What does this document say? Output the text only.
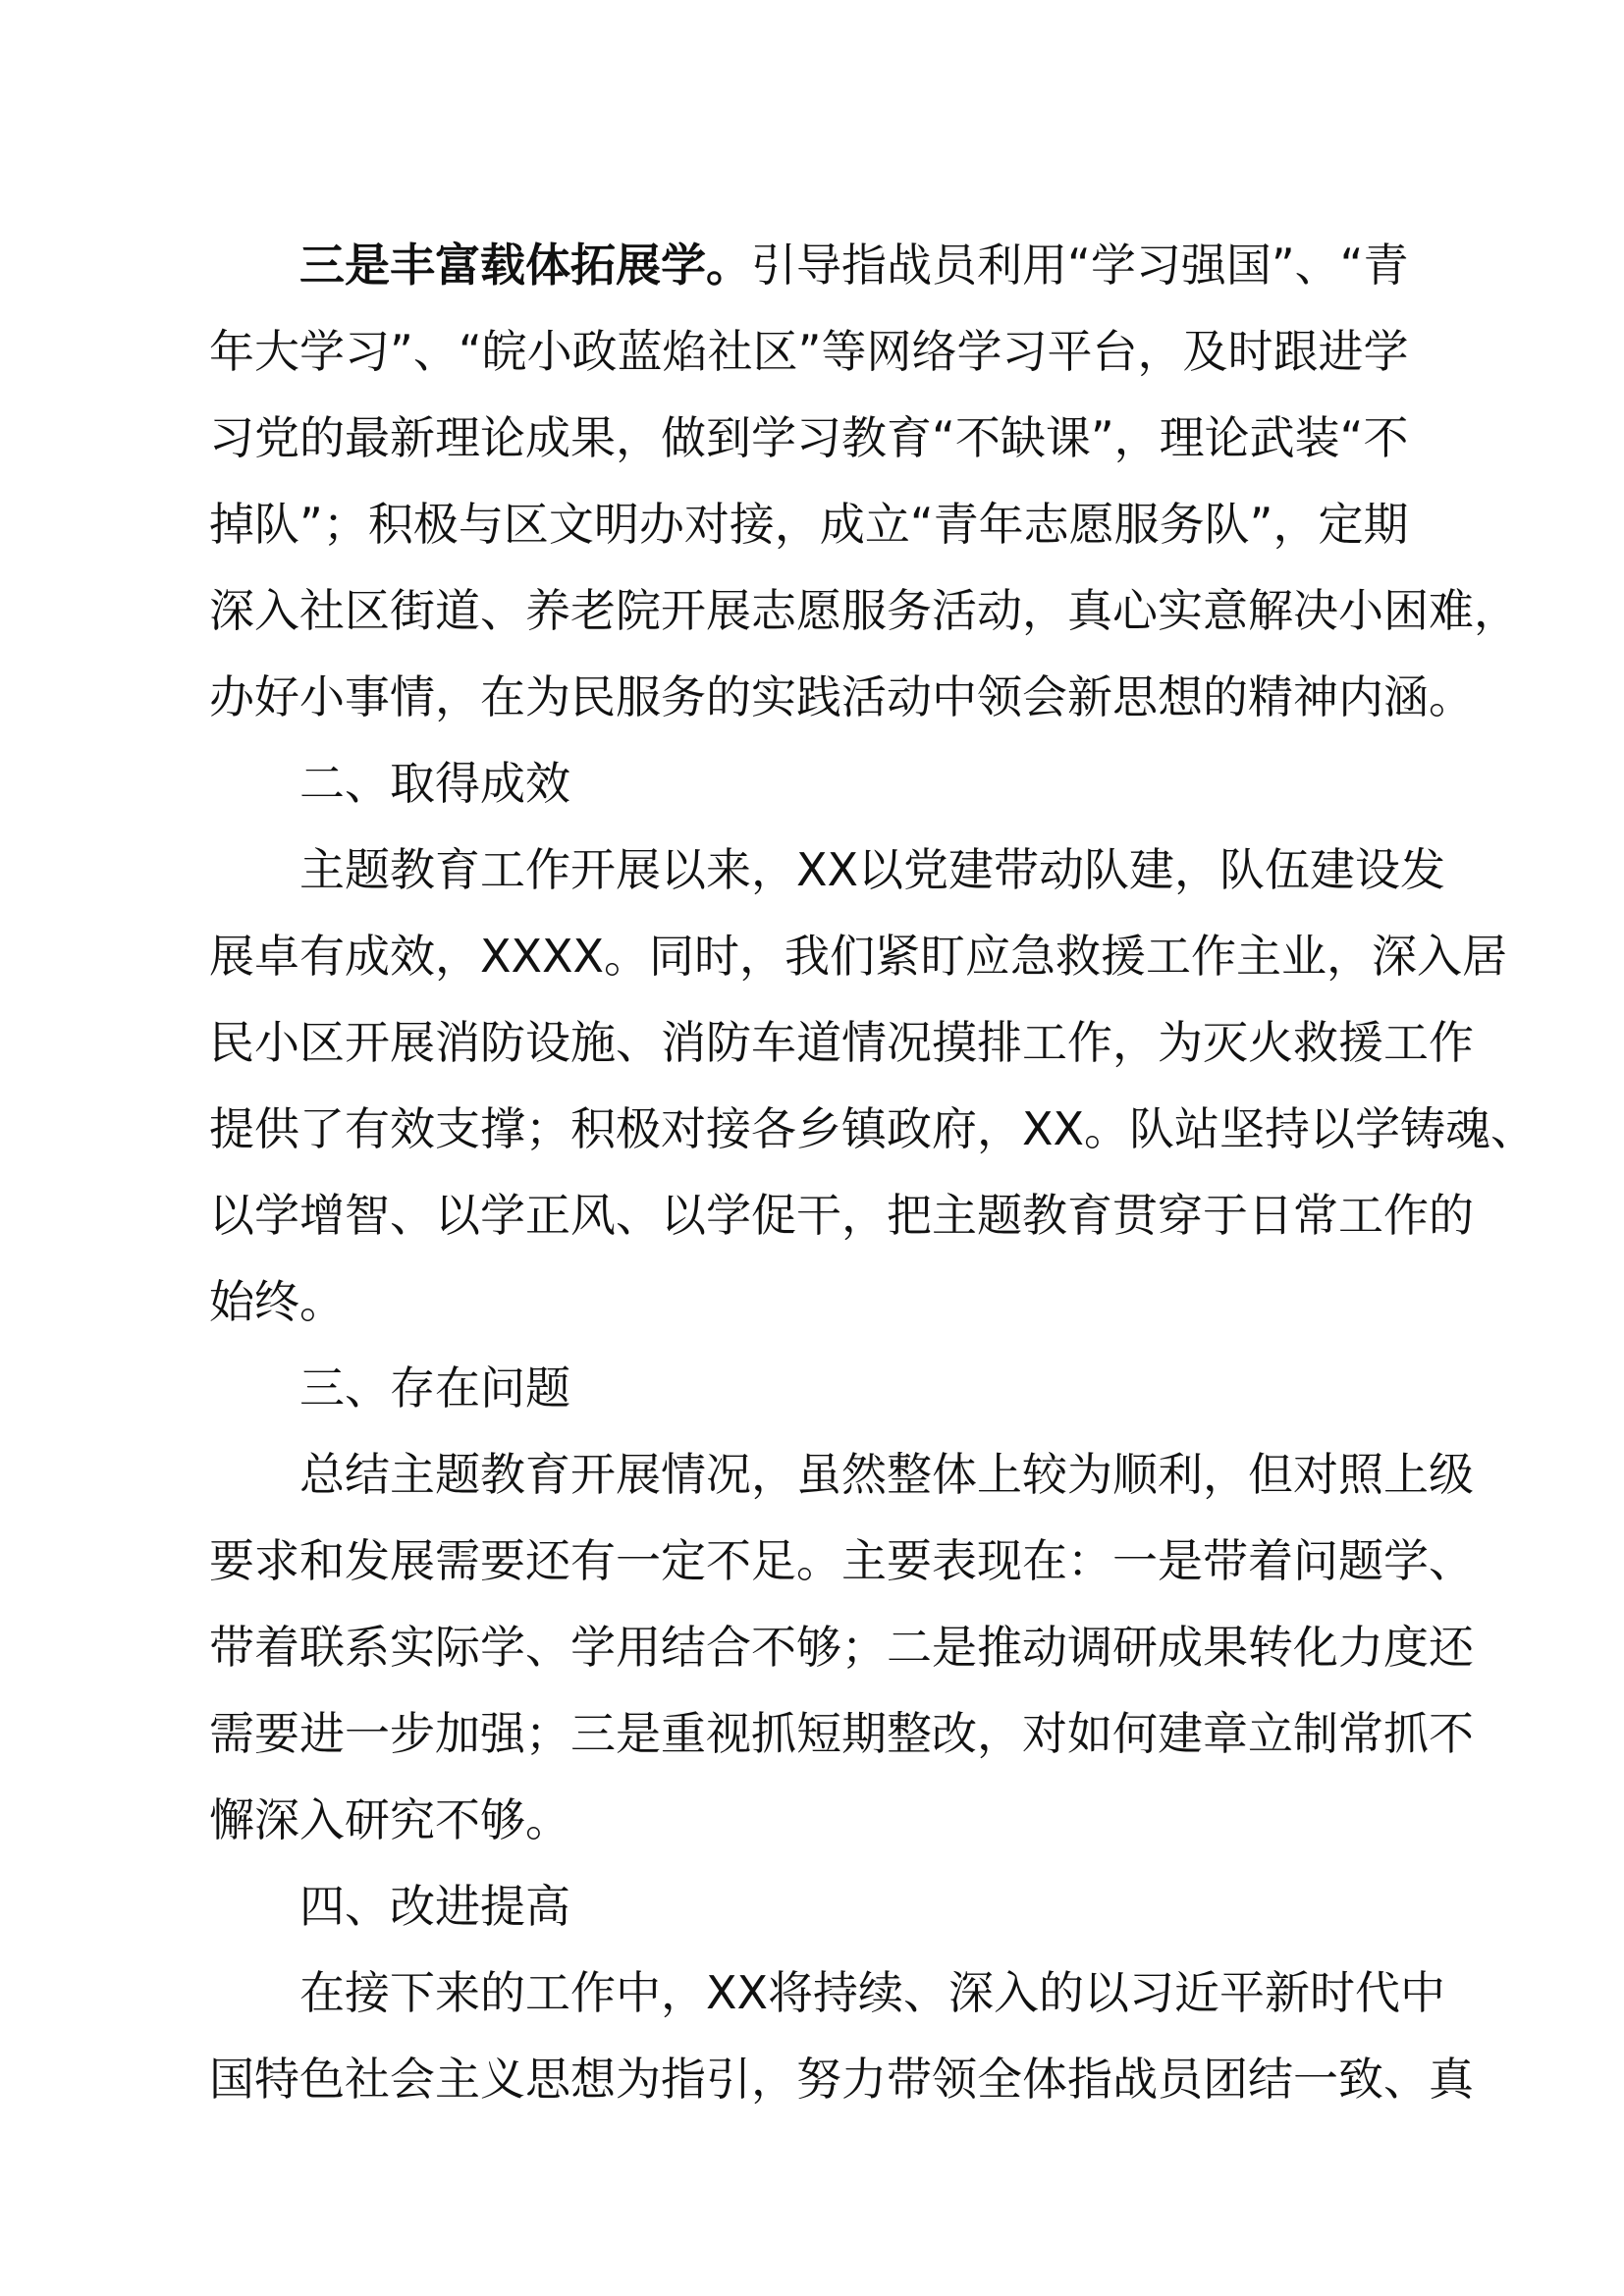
三是丰富载体拓展学。引导指战员利用“学习强国”、“青
年大学习”、“皖小政蓝焰社区”等网络学习平台，及时跟进学
习党的最新理论成果，做到学习教育“不缺课”，理论武装“不
掉队”；积极与区文明办对接，成立“青年志愿服务队”，定期
深入社区街道、养老院开展志愿服务活动，真心实意解决小困难，
办好小事情，在为民服务的实践活动中领会新思想的精神内涵。
二、取得成效
主题教育工作开展以来，XX以党建带动队建，队伍建设发
展卓有成效，XXXX。同时，我们紧盯应急救援工作主业，深入居
民小区开展消防设施、消防车道情况摸排工作，为灭火救援工作
提供了有效支撑；积极对接各乡镇政府，XX。队站坚持以学铸魂、
以学增智、以学正风、以学促干，把主题教育贯穿于日常工作的
始终。
三、存在问题
总结主题教育开展情况，虽然整体上较为顺利，但对照上级
要求和发展需要还有一定不足。主要表现在：一是带着问题学、
带着联系实际学、学用结合不够；二是推动调研成果转化力度还
需要进一步加强；三是重视抓短期整改，对如何建章立制常抓不
懈深入研究不够。
四、改进提高
在接下来的工作中，XX将持续、深入的以习近平新时代中
国特色社会主义思想为指引，努力带领全体指战员团结一致、真
